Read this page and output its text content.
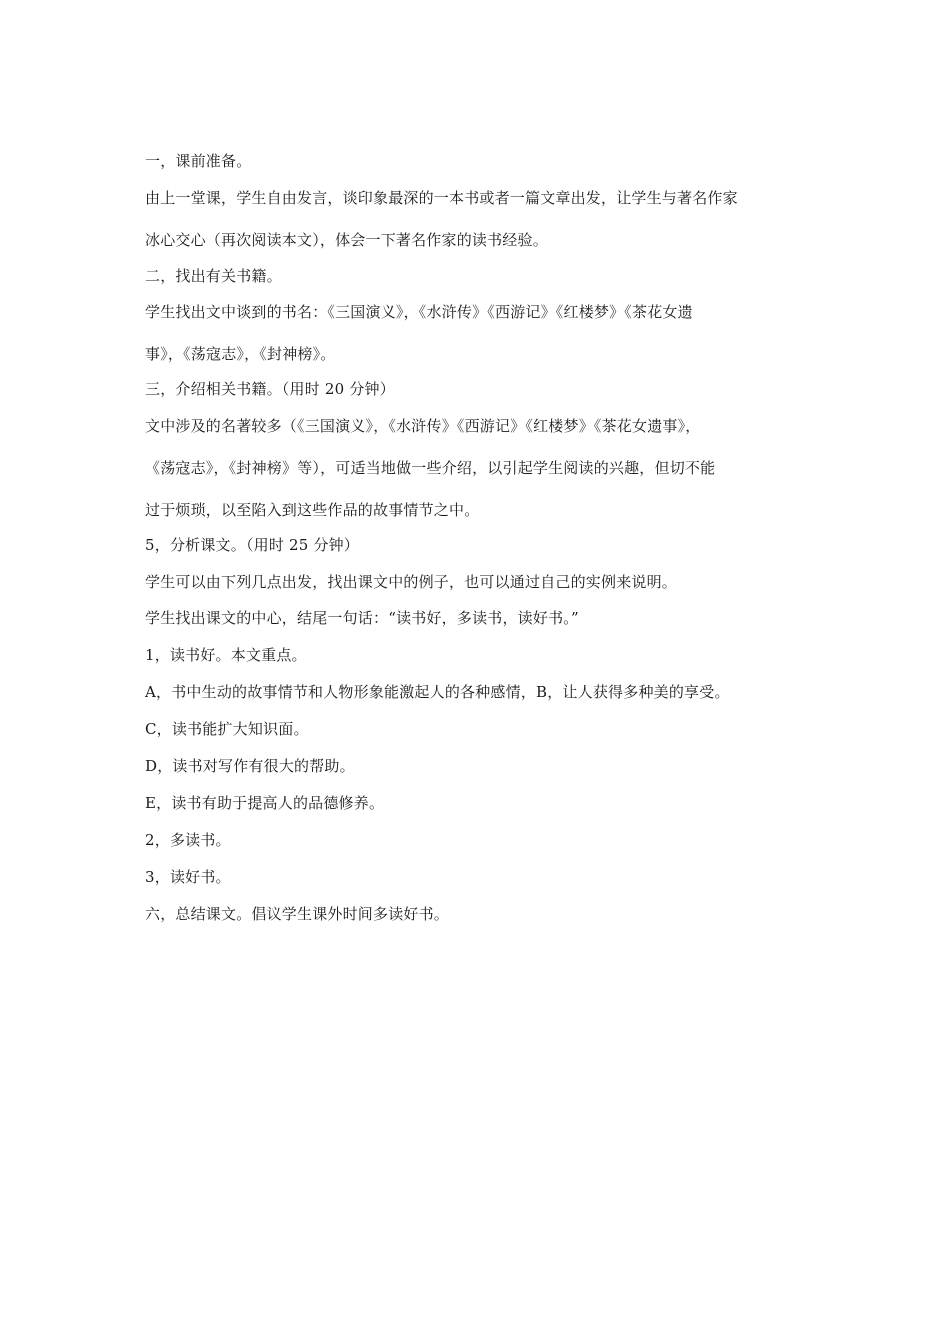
一，课前准备。
由上一堂课，学生自由发言，谈印象最深的一本书或者一篇文章出发，让学生与著名作家
冰心交心（再次阅读本文），体会一下著名作家的读书经验。
二，找出有关书籍。
学生找出文中谈到的书名：《三国演义》，《水浒传》《西游记》《红楼梦》《茶花女遗
事》，《荡寇志》，《封神榜》。
三，介绍相关书籍。（用时 20 分钟）
文中涉及的名著较多（《三国演义》，《水浒传》《西游记》《红楼梦》《茶花女遗事》，
《荡寇志》，《封神榜》等），可适当地做一些介绍，以引起学生阅读的兴趣，但切不能
过于烦琐，以至陷入到这些作品的故事情节之中。
5，分析课文。（用时 25 分钟）
学生可以由下列几点出发，找出课文中的例子，也可以通过自己的实例来说明。
学生找出课文的中心，结尾一句话：“读书好，多读书，读好书。”
1，读书好。本文重点。
A，书中生动的故事情节和人物形象能激起人的各种感情，B，让人获得多种美的享受。
C，读书能扩大知识面。
D，读书对写作有很大的帮助。
E，读书有助于提高人的品德修养。
2，多读书。
3，读好书。
六，总结课文。倡议学生课外时间多读好书。
